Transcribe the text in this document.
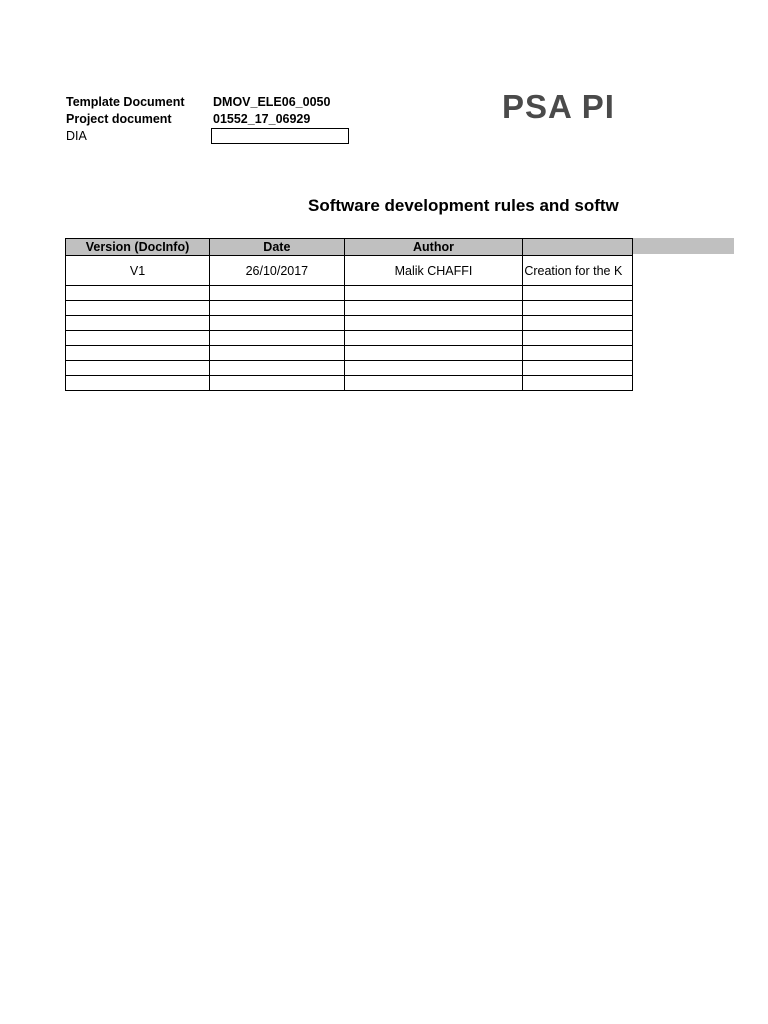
Template Document DMOV_ELE06_0050
Project document	01552_17_06929
DIA
PSA PI
Software development rules and softw
Version (DocInfo)	Date	Author	
V1	26/10/2017	Malik CHAFFI	Creation for the K
